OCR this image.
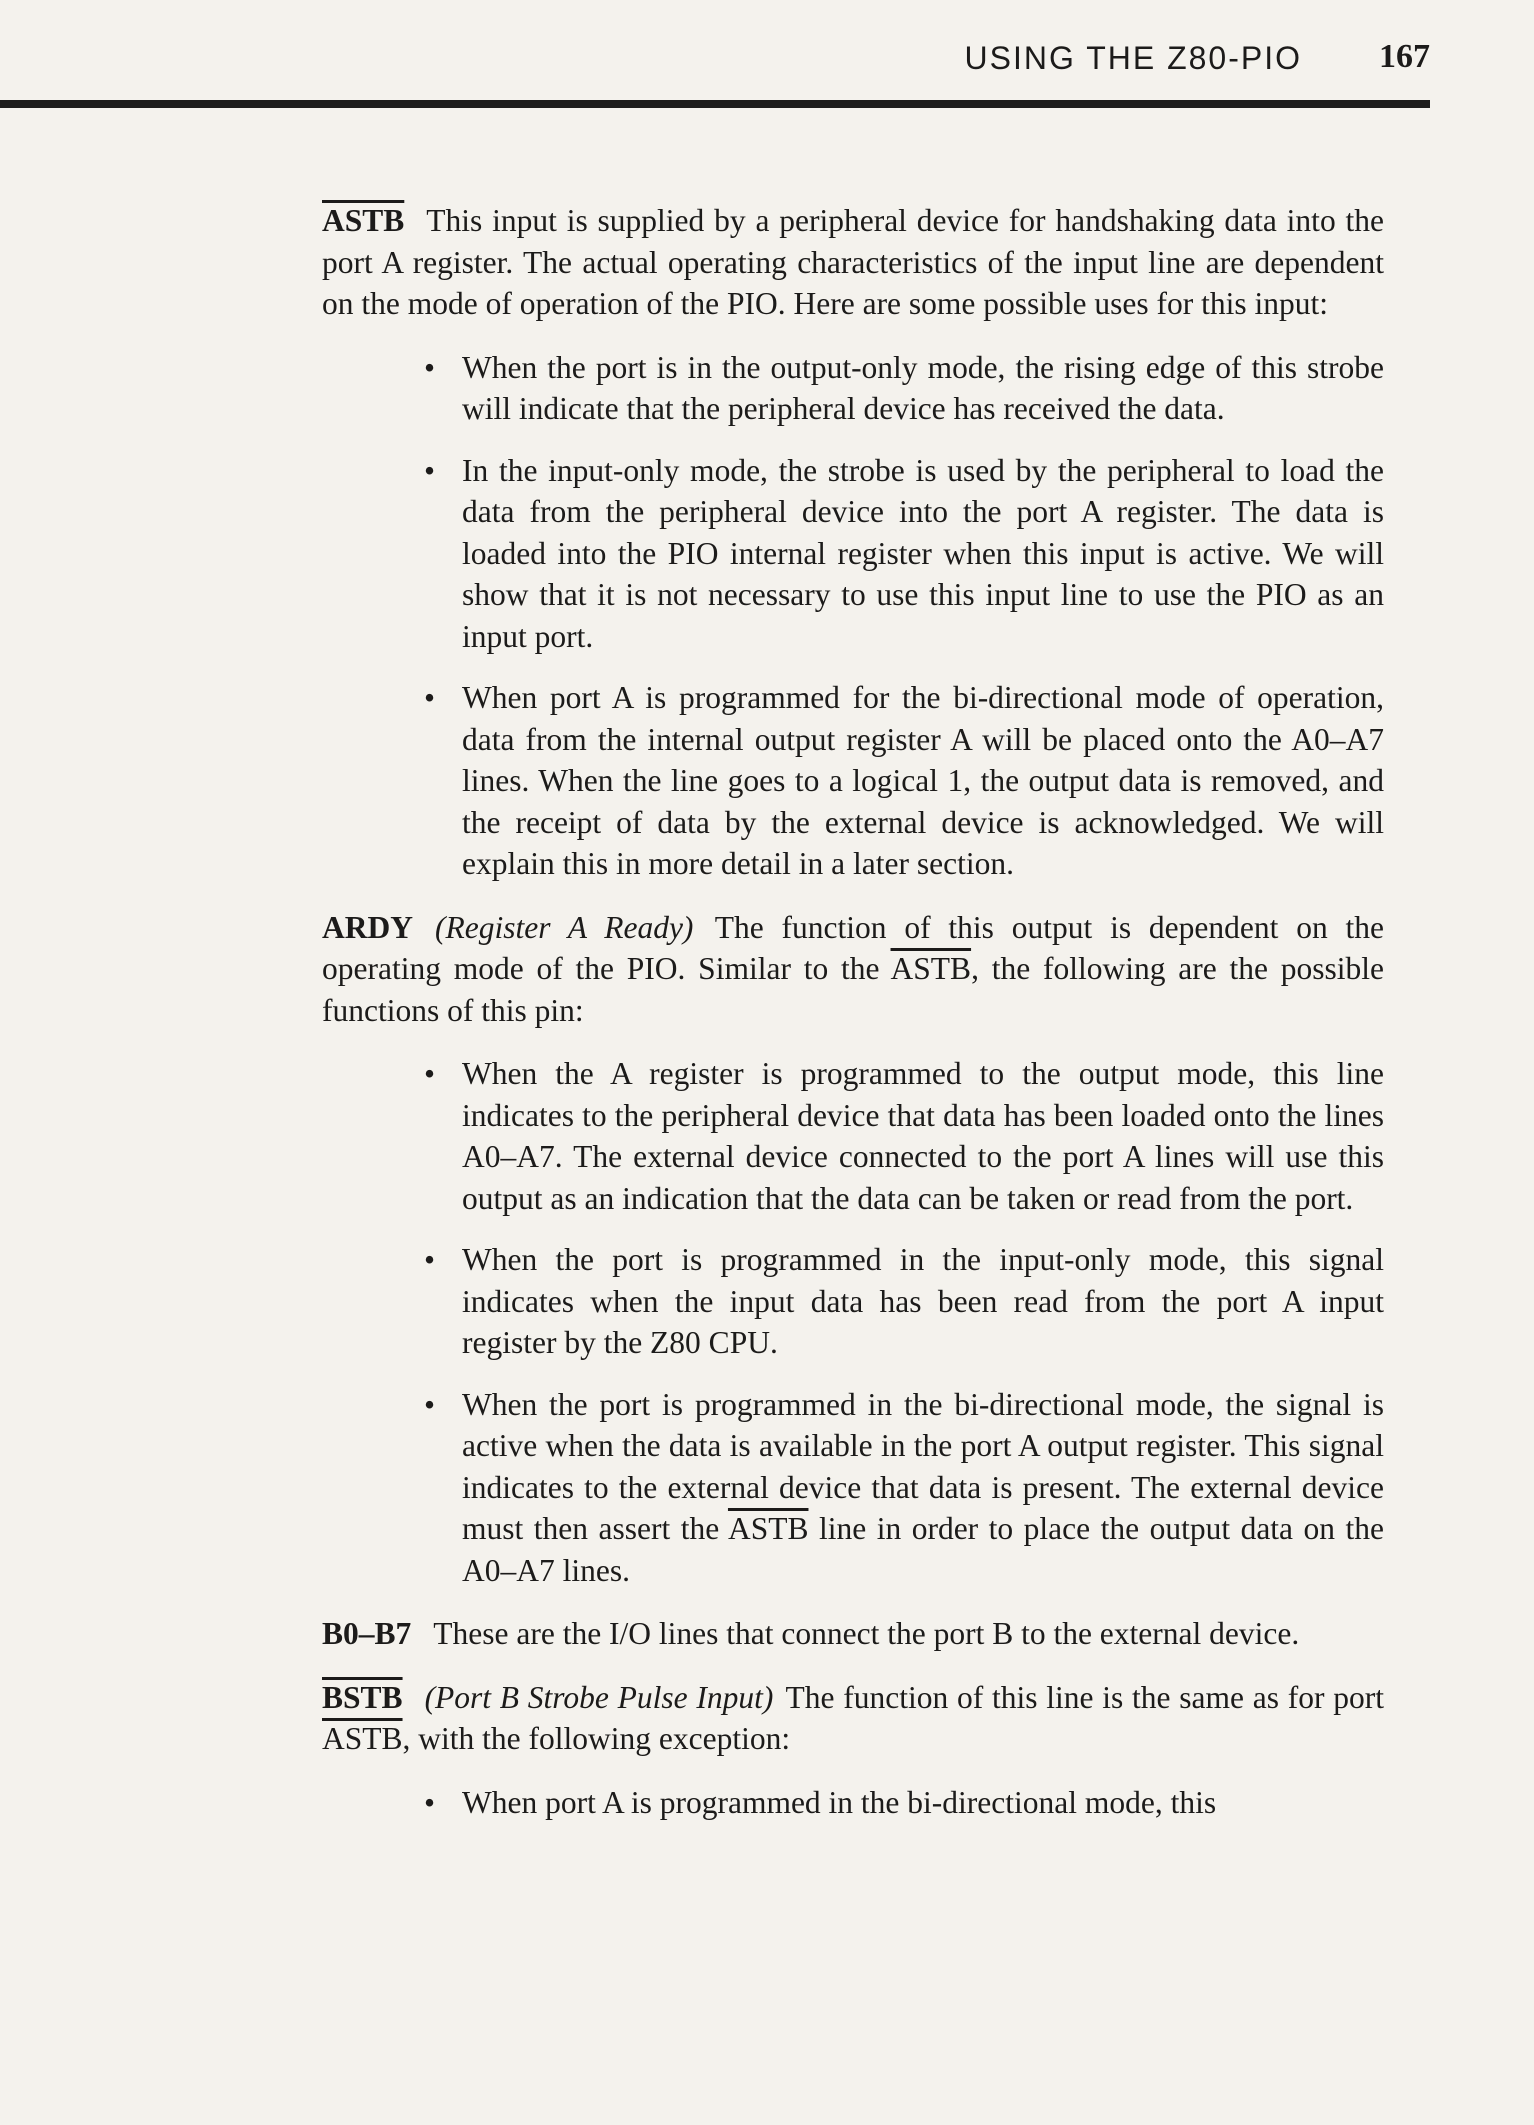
USING THE Z80-PIO 167

ASTB This input is supplied by a peripheral device for handshaking data into the port A register. The actual operating characteristics of the input line are dependent on the mode of operation of the PIO. Here are some possible uses for this input:

• When the port is in the output-only mode, the rising edge of this strobe will indicate that the peripheral device has received the data.
• In the input-only mode, the strobe is used by the peripheral to load the data from the peripheral device into the port A register. The data is loaded into the PIO internal register when this input is active. We will show that it is not necessary to use this input line to use the PIO as an input port.
• When port A is programmed for the bi-directional mode of operation, data from the internal output register A will be placed onto the A0–A7 lines. When the line goes to a logical 1, the output data is removed, and the receipt of data by the external device is acknowledged. We will explain this in more detail in a later section.

ARDY (Register A Ready) The function of this output is dependent on the operating mode of the PIO. Similar to the ASTB, the following are the possible functions of this pin:

• When the A register is programmed to the output mode, this line indicates to the peripheral device that data has been loaded onto the lines A0–A7. The external device connected to the port A lines will use this output as an indication that the data can be taken or read from the port.
• When the port is programmed in the input-only mode, this signal indicates when the input data has been read from the port A input register by the Z80 CPU.
• When the port is programmed in the bi-directional mode, the signal is active when the data is available in the port A output register. This signal indicates to the external device that data is present. The external device must then assert the ASTB line in order to place the output data on the A0–A7 lines.

B0–B7 These are the I/O lines that connect the port B to the external device.

BSTB (Port B Strobe Pulse Input) The function of this line is the same as for port ASTB, with the following exception:

• When port A is programmed in the bi-directional mode, this
